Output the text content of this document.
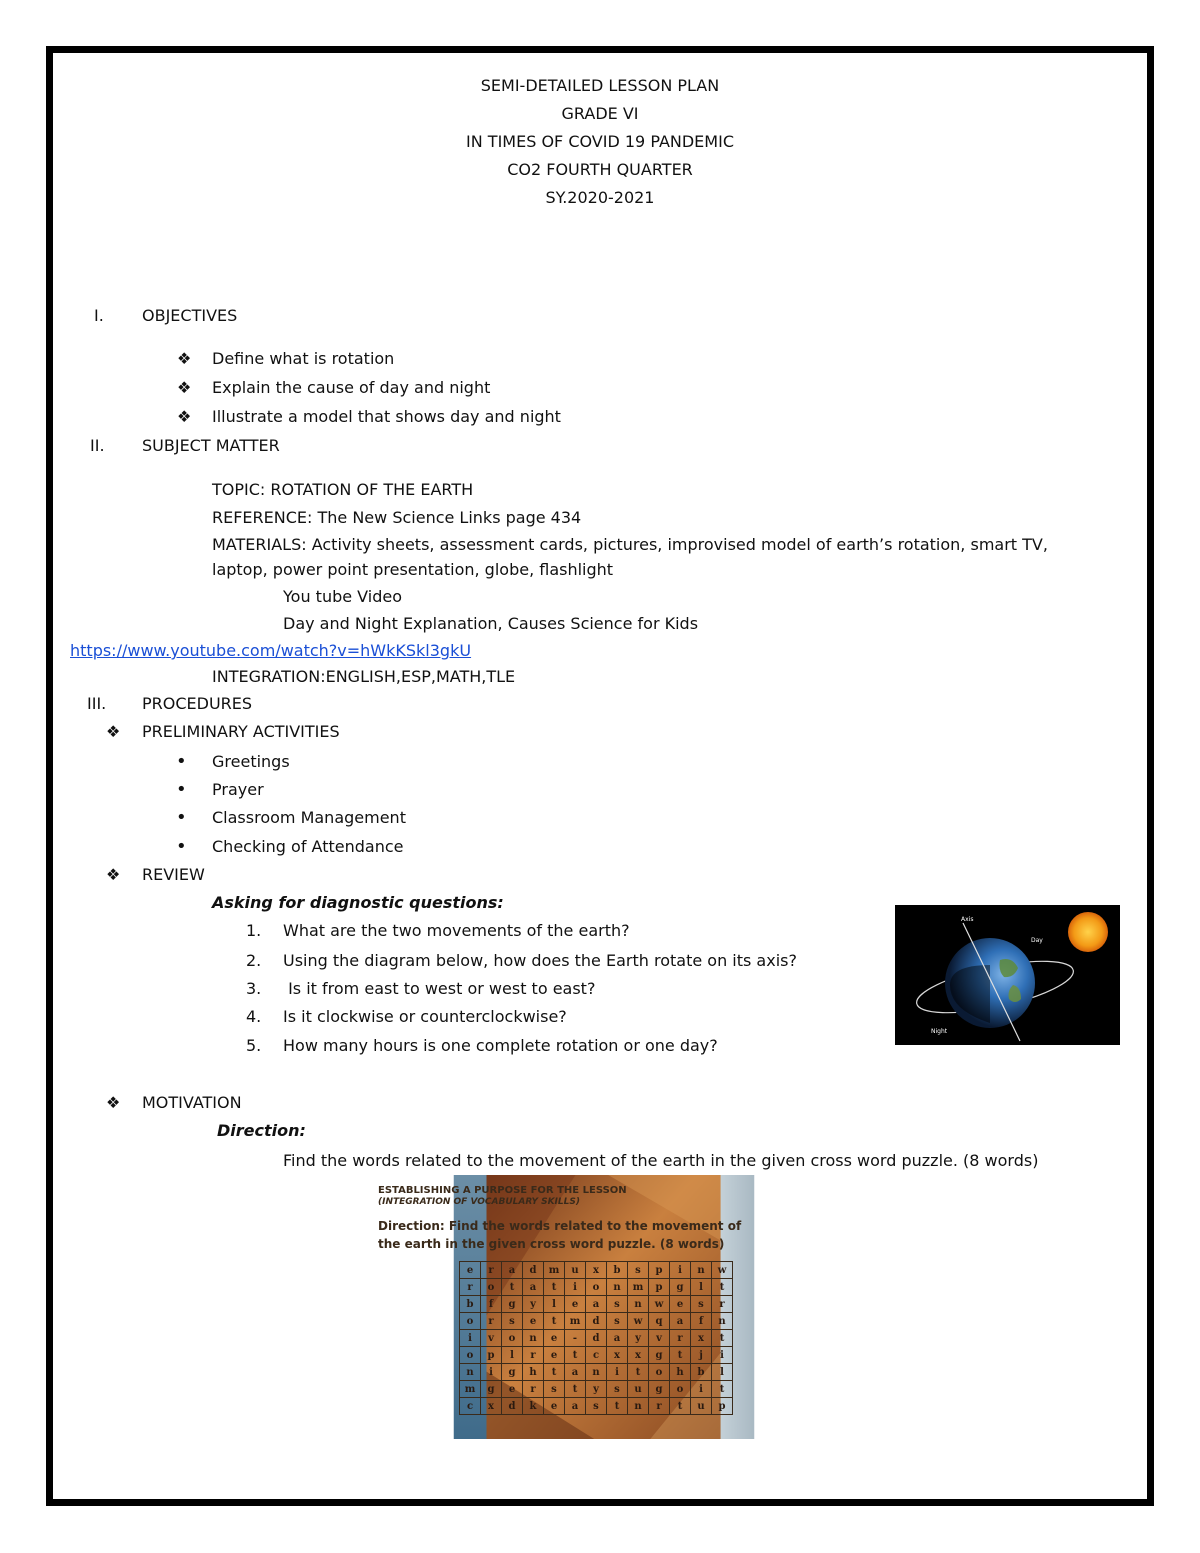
SEMI-DETAILED LESSON PLAN
GRADE VI
IN TIMES OF COVID 19 PANDEMIC
CO2 FOURTH QUARTER
SY.2020-2021
I. OBJECTIVES
❖ Define what is rotation
❖ Explain the cause of day and night
❖ Illustrate a model that shows day and night
II. SUBJECT MATTER
TOPIC: ROTATION OF THE EARTH
REFERENCE: The New Science Links page 434
MATERIALS: Activity sheets, assessment cards, pictures, improvised model of earth’s rotation, smart TV,
laptop, power point presentation, globe, flashlight
You tube Video
Day and Night Explanation, Causes Science for Kids
https://www.youtube.com/watch?v=hWkKSkl3gkU
INTEGRATION:ENGLISH,ESP,MATH,TLE
III. PROCEDURES
❖ PRELIMINARY ACTIVITIES
• Greetings
• Prayer
• Classroom Management
• Checking of Attendance
❖ REVIEW
Asking for diagnostic questions:
1. What are the two movements of the earth?
2. Using the diagram below, how does the Earth rotate on its axis?
3. Is it from east to west or west to east?
4. Is it clockwise or counterclockwise?
5. How many hours is one complete rotation or one day?
Axis
Day
Night
❖ MOTIVATION
Direction:
Find the words related to the movement of the earth in the given cross word puzzle. (8 words)
ESTABLISHING A PURPOSE FOR THE LESSON
(INTEGRATION OF VOCABULARY SKILLS)
Direction: Find the words related to the movement of
the earth in the given cross word puzzle. (8 words)
e	r	a	d	m	u	x	b	s	p	i	n	w
r	o	t	a	t	i	o	n	m	p	g	l	t
b	f	g	y	l	e	a	s	n	w	e	s	r
o	r	s	e	t	m	d	s	w	q	a	f	n
i	v	o	n	e	-	d	a	y	v	r	x	t
o	p	l	r	e	t	c	x	x	g	t	j	i
n	i	g	h	t	a	n	i	t	o	h	b	l
m	g	e	r	s	t	y	s	u	g	o	i	t
c	x	d	k	e	a	s	t	n	r	t	u	p
